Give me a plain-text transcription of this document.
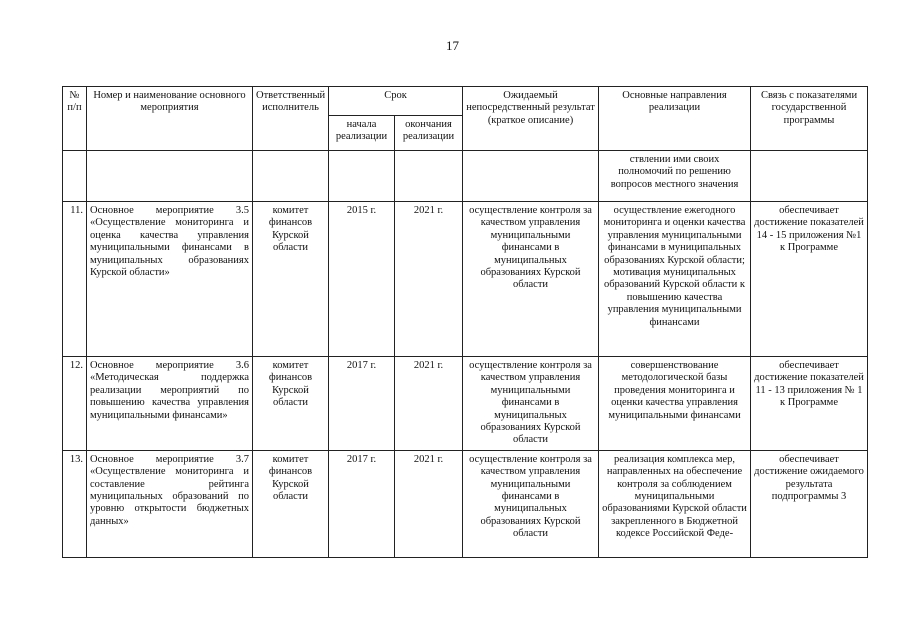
17
№ п/п	Номер и наименование основного мероприятия	Ответственный исполнитель	Срок		Ожидаемый непосредственный результат (краткое описание)	Основные направления реализации	Связь с показателями государственной программы
			начала реализации	окончания реализации			
						ствлении ими своих полномочий по решению вопросов местного значения	
11.	Основное мероприятие 3.5 «Осуществление мониторинга и оценка качества управления муниципальными финансами в муниципальных образованиях Курской области»	комитет финансов Курской области	2015 г.	2021 г.	осуществление контроля за качеством управления муниципальными финансами в муниципальных образованиях Курской области	осуществление ежегодного мониторинга и оценки качества управления муниципальными финансами в муниципальных образованиях Курской области; мотивация муниципальных образований Курской области к повышению качества управления муниципальными финансами	обеспечивает достижение показателей 14 - 15 приложения №1 к Программе
12.	Основное мероприятие 3.6 «Методическая поддержка реализации мероприятий по повышению качества управления муниципальными финансами»	комитет финансов Курской области	2017 г.	2021 г.	осуществление контроля за качеством управления муниципальными финансами в муниципальных образованиях Курской области	совершенствование методологической базы проведения мониторинга и оценки качества управления муниципальными финансами	обеспечивает достижение показателей 11 - 13 приложения № 1 к Программе
13.	Основное мероприятие 3.7 «Осуществление мониторинга и составление рейтинга муниципальных образований по уровню открытости бюджетных данных»	комитет финансов Курской области	2017 г.	2021 г.	осуществление контроля за качеством управления муниципальными финансами в муниципальных образованиях Курской области	реализация комплекса мер, направленных на обеспечение контроля за соблюдением муниципальными образованиями Курской области закрепленного в Бюджетной кодексе Российской Феде-	обеспечивает достижение ожидаемого результата подпрограммы 3
